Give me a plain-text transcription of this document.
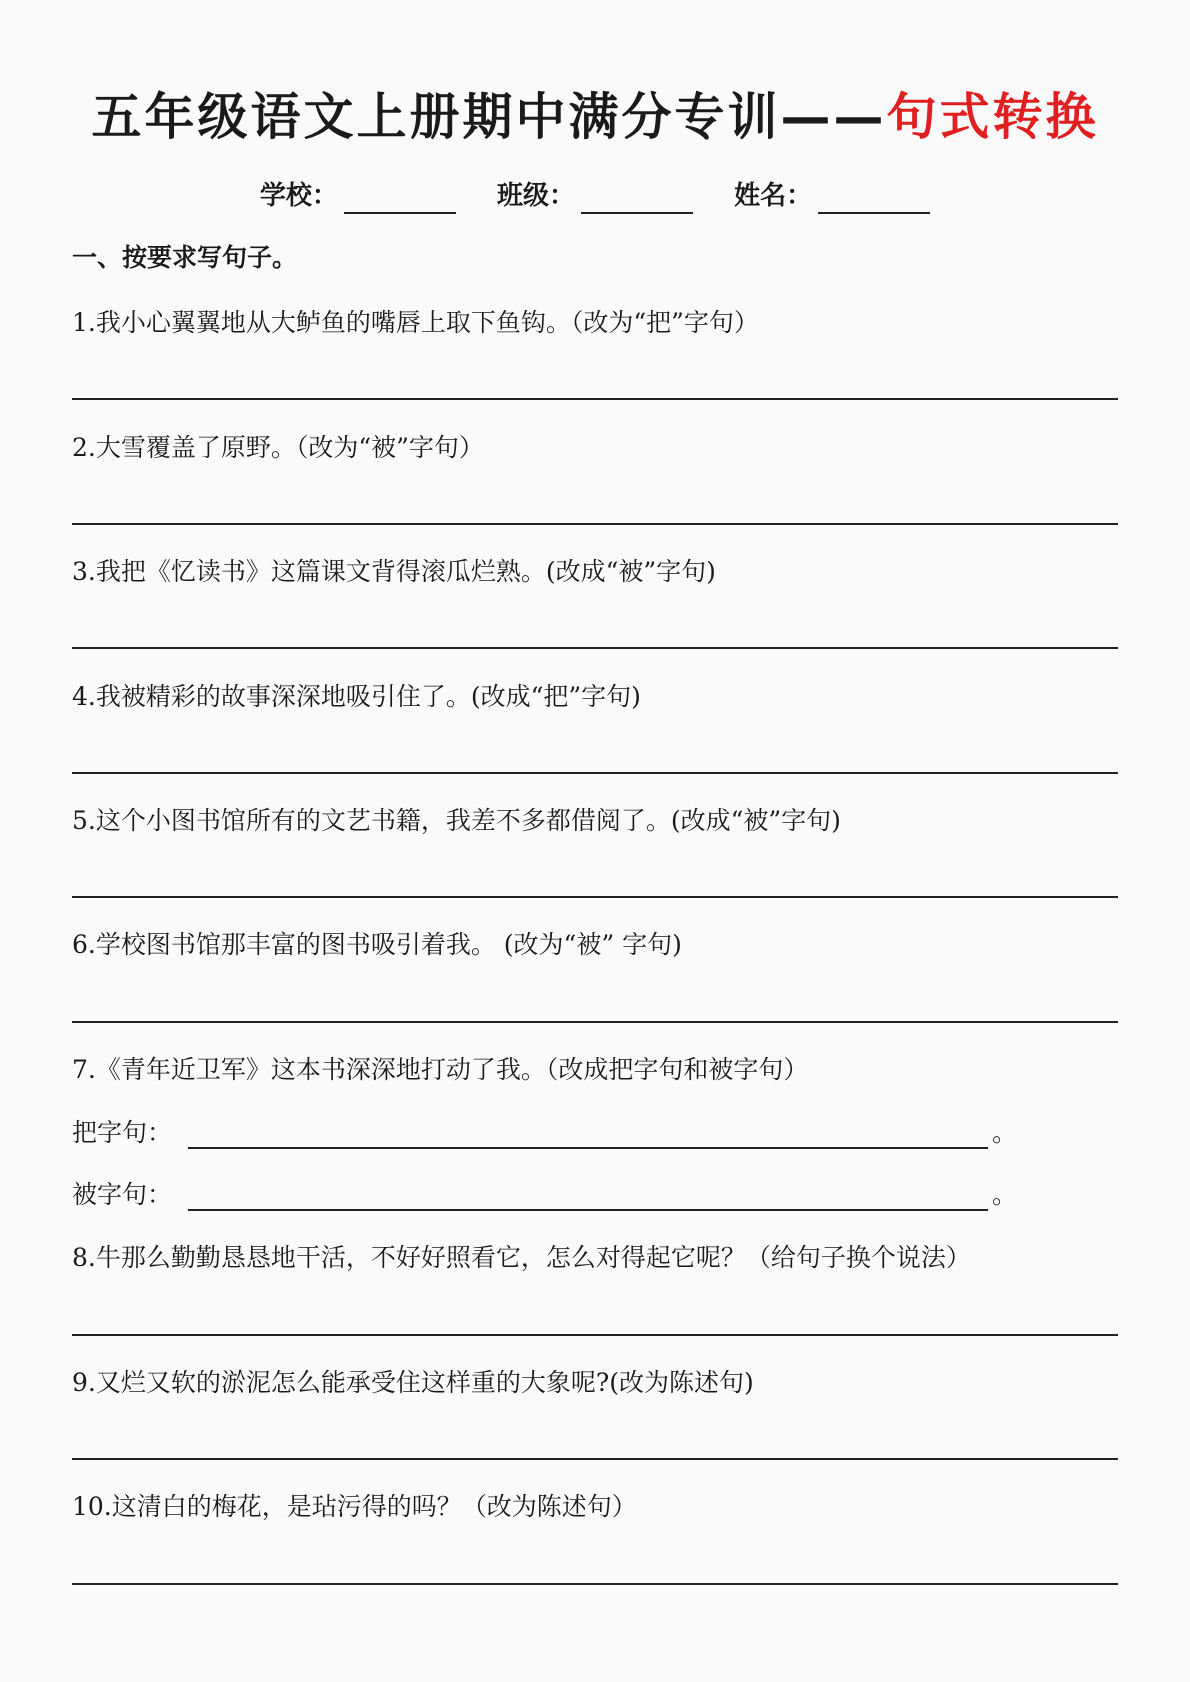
五年级语文上册期中满分专训——句式转换
学校：	班级：	姓名：
一、按要求写句子。
1.我小心翼翼地从大鲈鱼的嘴唇上取下鱼钩。（改为“把”字句）
2.大雪覆盖了原野。（改为“被”字句）
3.我把《忆读书》这篇课文背得滚瓜烂熟。(改成“被”字句)
4.我被精彩的故事深深地吸引住了。(改成“把”字句)
5.这个小图书馆所有的文艺书籍，我差不多都借阅了。(改成“被”字句)
6.学校图书馆那丰富的图书吸引着我。 (改为“被” 字句)
7.《青年近卫军》这本书深深地打动了我。（改成把字句和被字句）
把字句：	。
被字句：	。
8.牛那么勤勤恳恳地干活，不好好照看它，怎么对得起它呢？（给句子换个说法）
9.又烂又软的淤泥怎么能承受住这样重的大象呢?(改为陈述句)
10.这清白的梅花，是玷污得的吗？（改为陈述句）
